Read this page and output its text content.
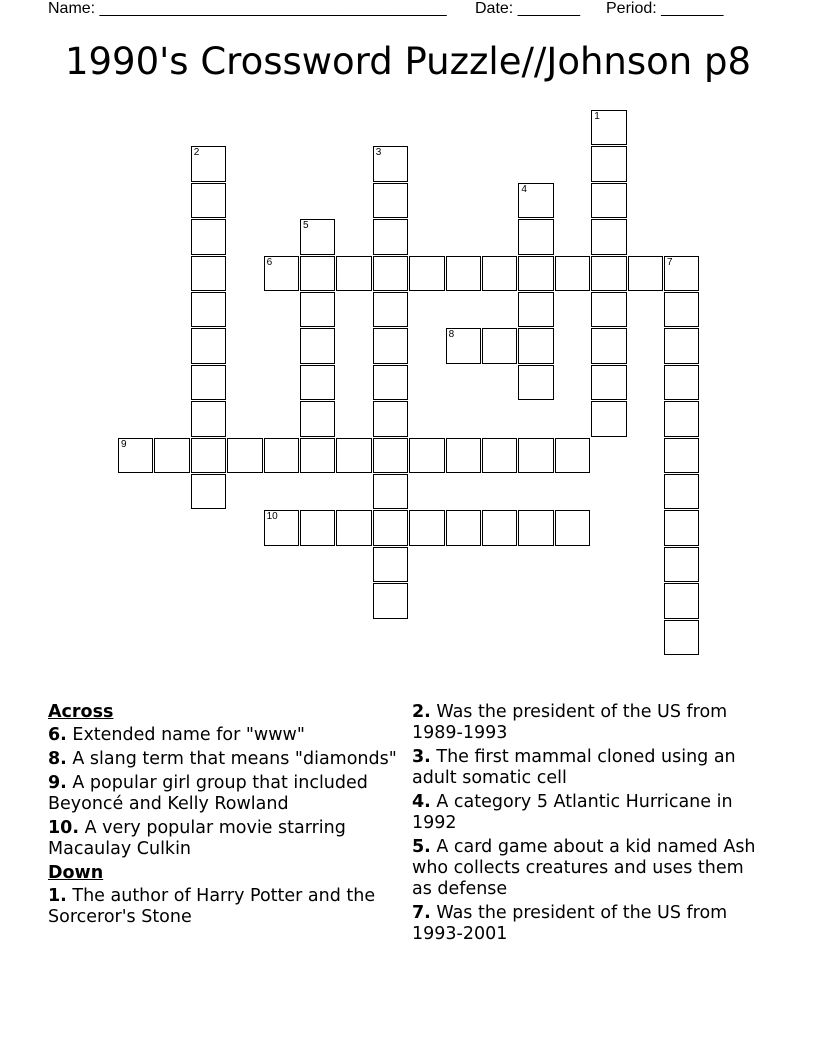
Name: _______________________________________

Date: _______

Period: _______

1990's Crossword Puzzle//Johnson p8
1
2	3
4
5
6	7
8
9
10
Across
6. Extended name for "www"
8. A slang term that means "diamonds"
9. A popular girl group that included Beyoncé and Kelly Rowland
10. A very popular movie starring Macaulay Culkin
Down
1. The author of Harry Potter and the Sorceror's Stone
2. Was the president of the US from 1989-1993
3. The first mammal cloned using an adult somatic cell
4. A category 5 Atlantic Hurricane in 1992
5. A card game about a kid named Ash who collects creatures and uses them as defense
7. Was the president of the US from 1993-2001
